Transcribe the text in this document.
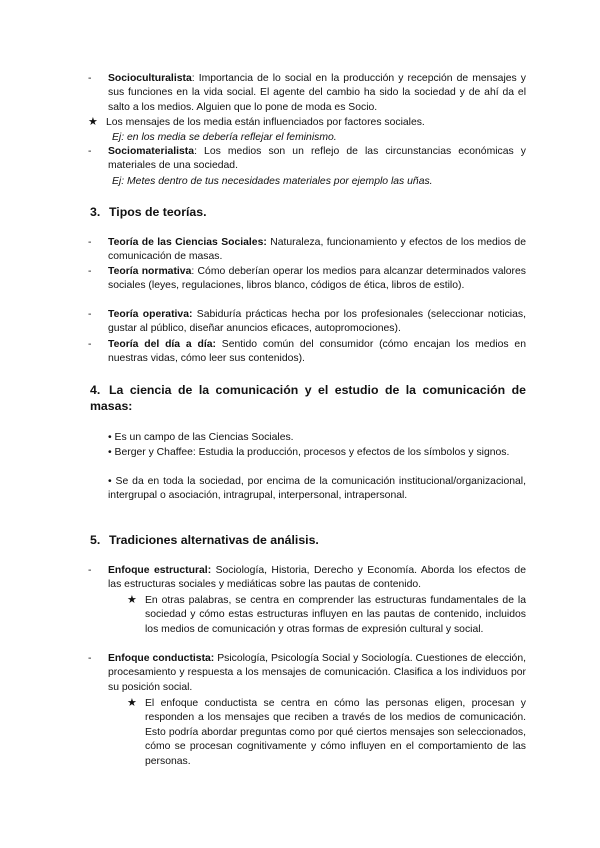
-	Socioculturalista: Importancia de lo social en la producción y recepción de mensajes y sus funciones en la vida social. El agente del cambio ha sido la sociedad y de ahí da el salto a los medios. Alguien que lo pone de moda es Socio.
★ Los mensajes de los media están influenciados por factores sociales.
Ej: en los media se debería reflejar el feminismo.
-	Sociomaterialista: Los medios son un reflejo de las circunstancias económicas y materiales de una sociedad.
Ej: Metes dentro de tus necesidades materiales por ejemplo las uñas.
3. Tipos de teorías.
-	Teoría de las Ciencias Sociales: Naturaleza, funcionamiento y efectos de los medios de comunicación de masas.
-	Teoría normativa: Cómo deberían operar los medios para alcanzar determinados valores sociales (leyes, regulaciones, libros blanco, códigos de ética, libros de estilo).
-	Teoría operativa: Sabiduría prácticas hecha por los profesionales (seleccionar noticias, gustar al público, diseñar anuncios eficaces, autopromociones).
-	Teoría del día a día: Sentido común del consumidor (cómo encajan los medios en nuestras vidas, cómo leer sus contenidos).
4. La ciencia de la comunicación y el estudio de la comunicación de masas:
• Es un campo de las Ciencias Sociales.
• Berger y Chaffee: Estudia la producción, procesos y efectos de los símbolos y signos.
• Se da en toda la sociedad, por encima de la comunicación institucional/organizacional, intergrupal o asociación, intragrupal, interpersonal, intrapersonal.
5. Tradiciones alternativas de análisis.
-	Enfoque estructural: Sociología, Historia, Derecho y Economía. Aborda los efectos de las estructuras sociales y mediáticas sobre las pautas de contenido.
★ En otras palabras, se centra en comprender las estructuras fundamentales de la sociedad y cómo estas estructuras influyen en las pautas de contenido, incluidos los medios de comunicación y otras formas de expresión cultural y social.
-	Enfoque conductista: Psicología, Psicología Social y Sociología. Cuestiones de elección, procesamiento y respuesta a los mensajes de comunicación. Clasifica a los individuos por su posición social.
★ El enfoque conductista se centra en cómo las personas eligen, procesan y responden a los mensajes que reciben a través de los medios de comunicación. Esto podría abordar preguntas como por qué ciertos mensajes son seleccionados, cómo se procesan cognitivamente y cómo influyen en el comportamiento de las personas.
